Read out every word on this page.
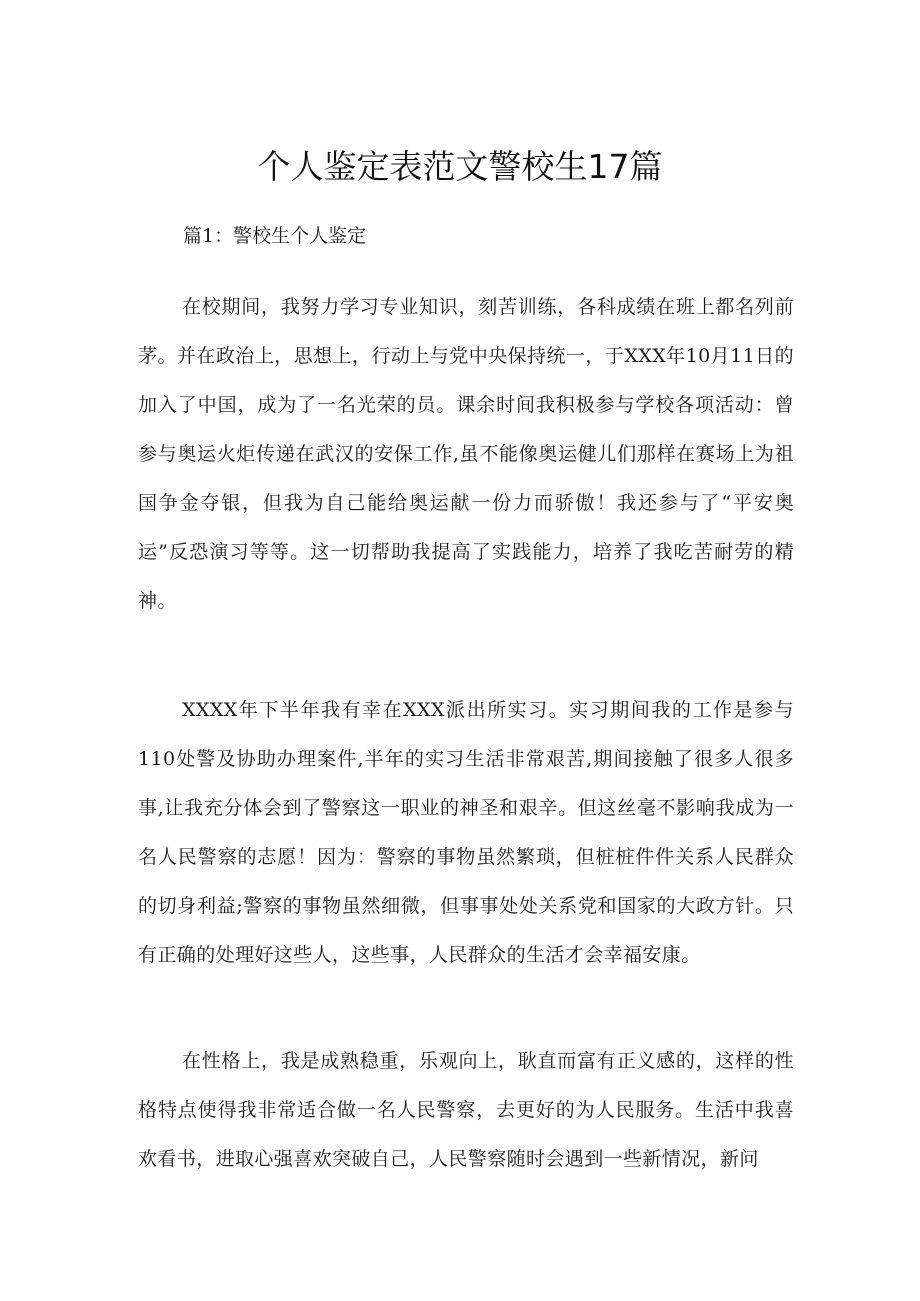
个人鉴定表范文警校生17篇
篇1：警校生个人鉴定

在校期间，我努力学习专业知识，刻苦训练，各科成绩在班上都名列前茅。并在政治上，思想上，行动上与党中央保持统一，于XXX年10月11日的加入了中国，成为了一名光荣的员。课余时间我积极参与学校各项活动：曾参与奥运火炬传递在武汉的安保工作,虽不能像奥运健儿们那样在赛场上为祖国争金夺银，但我为自己能给奥运献一份力而骄傲！我还参与了“平安奥运”反恐演习等等。这一切帮助我提高了实践能力，培养了我吃苦耐劳的精神。

XXXX年下半年我有幸在XXX派出所实习。实习期间我的工作是参与110处警及协助办理案件,半年的实习生活非常艰苦,期间接触了很多人很多事,让我充分体会到了警察这一职业的神圣和艰辛。但这丝毫不影响我成为一名人民警察的志愿！因为：警察的事物虽然繁琐，但桩桩件件关系人民群众的切身利益;警察的事物虽然细微，但事事处处关系党和国家的大政方针。只有正确的处理好这些人，这些事，人民群众的生活才会幸福安康。

在性格上，我是成熟稳重，乐观向上，耿直而富有正义感的，这样的性格特点使得我非常适合做一名人民警察，去更好的为人民服务。生活中我喜欢看书，进取心强喜欢突破自己，人民警察随时会遇到一些新情况，新问
